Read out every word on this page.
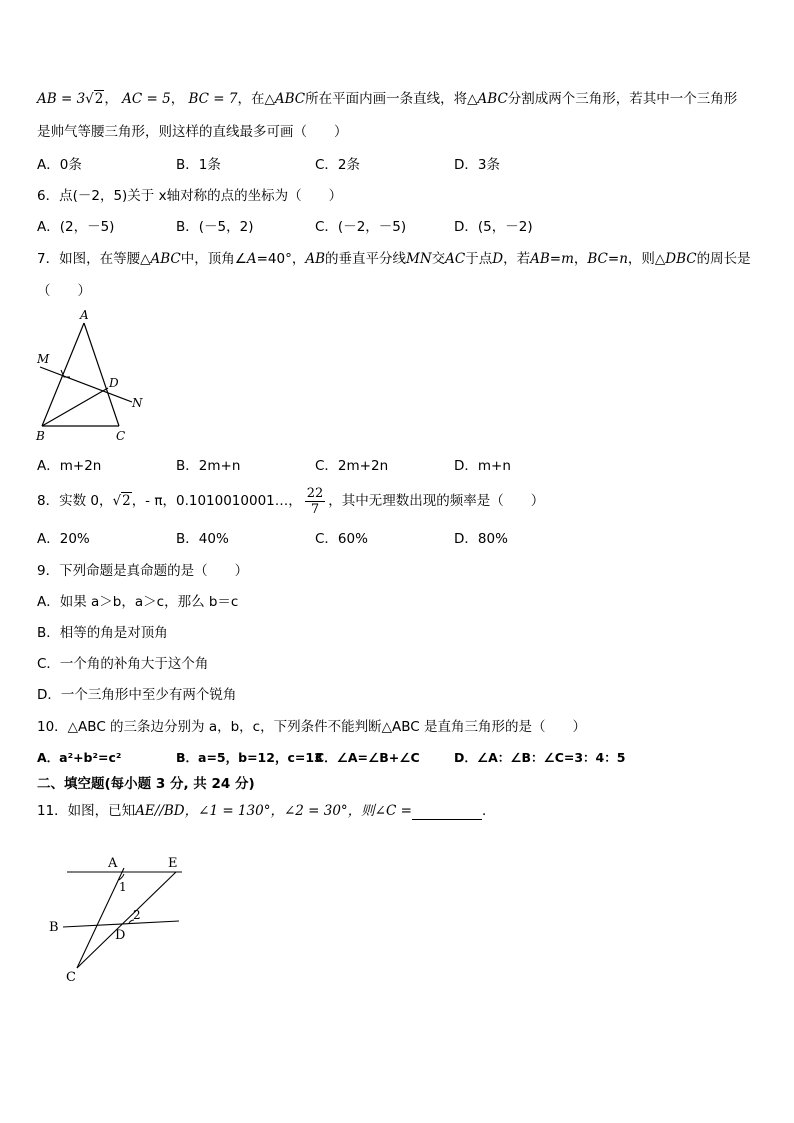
AB = 3√2， AC = 5， BC = 7，在△ABC所在平面内画一条直线，将△ABC分割成两个三角形，若其中一个三角形
是帅气等腰三角形，则这样的直线最多可画（　　）
A．0条	B．1条	C．2条	D．3条
6．点(－2，5)关于 x轴对称的点的坐标为（　　）
A．(2，－5)	B．(－5，2)	C．(－2，－5)	D．(5，－2)
7．如图，在等腰△ABC中，顶角∠A=40°，AB的垂直平分线MN交AC于点D，若AB=m，BC=n，则△DBC的周长是
（　　）
A
M
D
N
B	C
A．m+2n	B．2m+n	C．2m+2n	D．m+n
8．实数 0，√2，- π，0.1010010001…， $\frac{22}{7}$ ，其中无理数出现的频率是（　　）
A．20%	B．40%	C．60%	D．80%
9．下列命题是真命题的是（　　）
A．如果 a＞b，a＞c，那么 b＝c
B．相等的角是对顶角
C．一个角的补角大于这个角
D．一个三角形中至少有两个锐角
10．△ABC 的三条边分别为 a，b，c，下列条件不能判断△ABC 是直角三角形的是（　　）
A．a²+b²=c²	B．a=5，b=12，c=13
C．∠A=∠B+∠C	D．∠A：∠B：∠C=3：4：5
二、填空题(每小题 3 分, 共 24 分)
11．如图，已知AE//BD，∠1 = 130°，∠2 = 30°，则∠C =	．
A	E
1
2
B
D
C
